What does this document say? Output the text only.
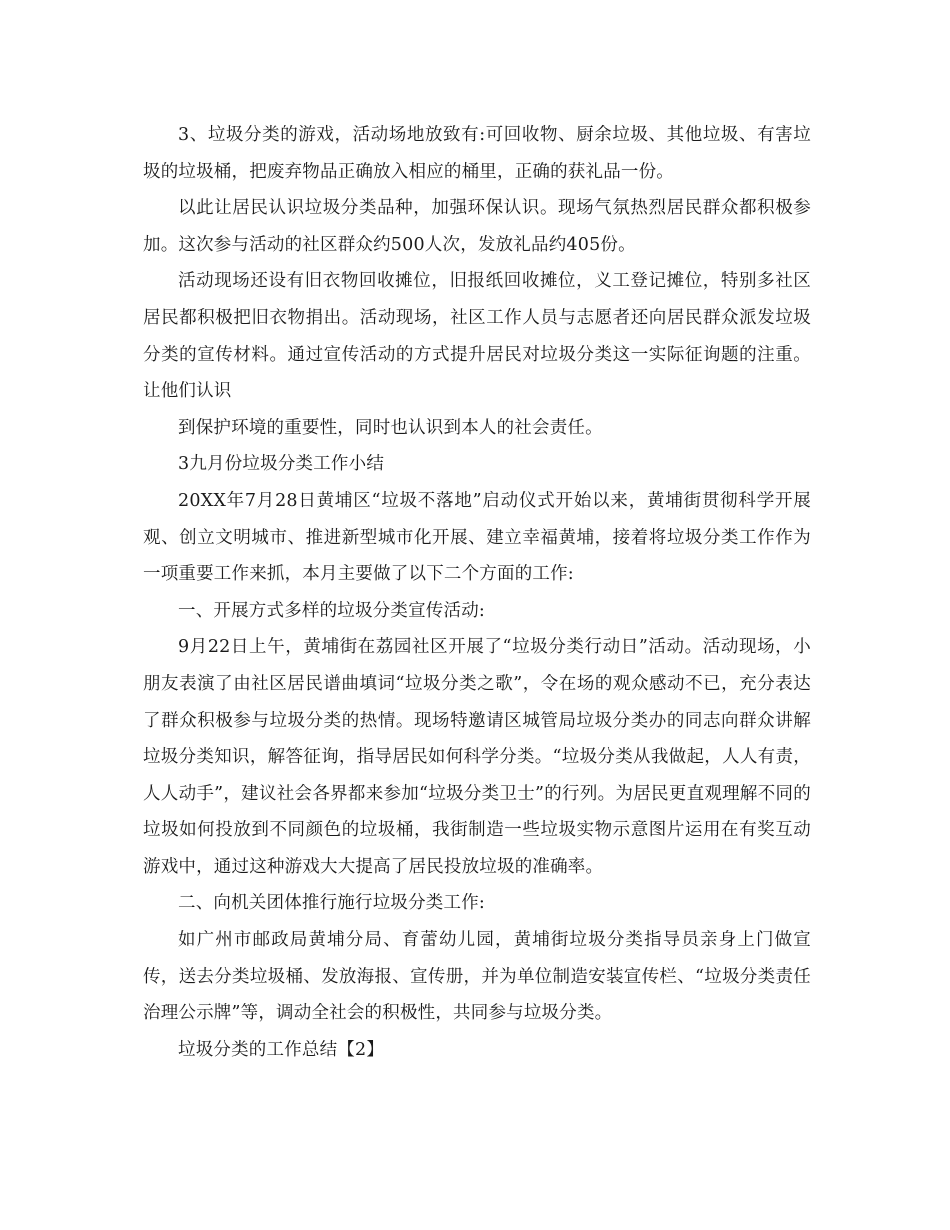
3、垃圾分类的游戏，活动场地放致有:可回收物、厨余垃圾、其他垃圾、有害垃圾的垃圾桶，把废弃物品正确放入相应的桶里，正确的获礼品一份。

以此让居民认识垃圾分类品种，加强环保认识。现场气氛热烈居民群众都积极参加。这次参与活动的社区群众约500人次，发放礼品约405份。

活动现场还设有旧衣物回收摊位，旧报纸回收摊位，义工登记摊位，特别多社区居民都积极把旧衣物捐出。活动现场，社区工作人员与志愿者还向居民群众派发垃圾分类的宣传材料。通过宣传活动的方式提升居民对垃圾分类这一实际征询题的注重。让他们认识

到保护环境的重要性，同时也认识到本人的社会责任。

3九月份垃圾分类工作小结

20XX年7月28日黄埔区“垃圾不落地”启动仪式开始以来，黄埔街贯彻科学开展观、创立文明城市、推进新型城市化开展、建立幸福黄埔，接着将垃圾分类工作作为一项重要工作来抓，本月主要做了以下二个方面的工作:

一、开展方式多样的垃圾分类宣传活动:

9月22日上午，黄埔街在荔园社区开展了“垃圾分类行动日”活动。活动现场，小朋友表演了由社区居民谱曲填词“垃圾分类之歌”，令在场的观众感动不已，充分表达了群众积极参与垃圾分类的热情。现场特邀请区城管局垃圾分类办的同志向群众讲解垃圾分类知识，解答征询，指导居民如何科学分类。“垃圾分类从我做起，人人有责，人人动手”，建议社会各界都来参加“垃圾分类卫士”的行列。为居民更直观理解不同的垃圾如何投放到不同颜色的垃圾桶，我街制造一些垃圾实物示意图片运用在有奖互动游戏中，通过这种游戏大大提高了居民投放垃圾的准确率。

二、向机关团体推行施行垃圾分类工作:

如广州市邮政局黄埔分局、育蕾幼儿园，黄埔街垃圾分类指导员亲身上门做宣传，送去分类垃圾桶、发放海报、宣传册，并为单位制造安装宣传栏、“垃圾分类责任治理公示牌”等，调动全社会的积极性，共同参与垃圾分类。

垃圾分类的工作总结【2】
